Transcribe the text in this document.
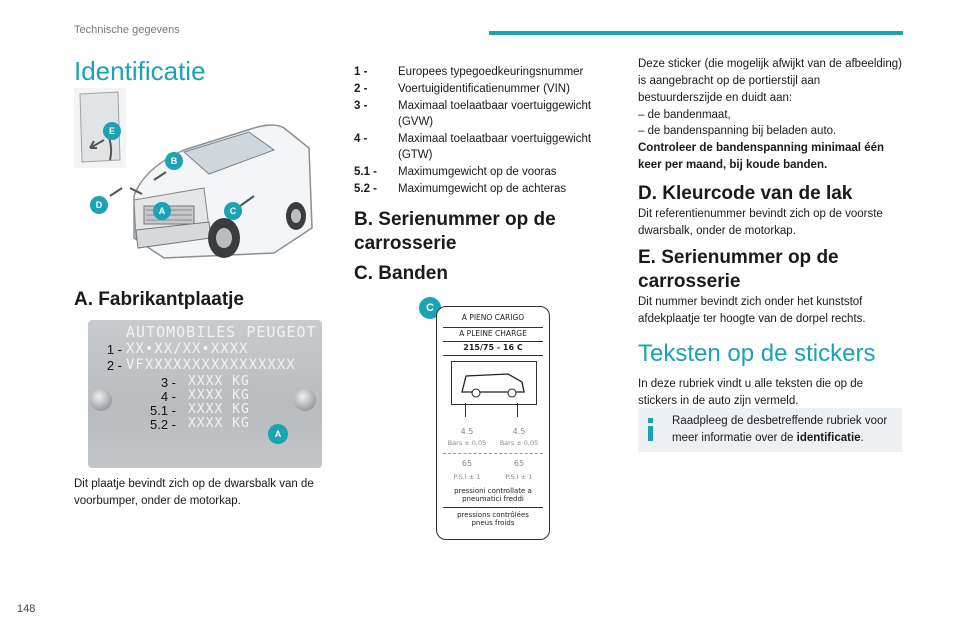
Technische gegevens
Identificatie
E
B
D
A	C
A. Fabrikantplaatje
AUTOMOBILES PEUGEOT
1 - XX•XX/XX•XXXX
2 - VFXXXXXXXXXXXXXXXX
3 - XXXX KG
4 - XXXX KG
5.1 - XXXX KG
5.2 - XXXX KG
A
Dit plaatje bevindt zich op de dwarsbalk van de voorbumper, onder de motorkap.
1 -	Europees typegoedkeuringsnummer
2 -	Voertuigidentificatienummer (VIN)
3 -	Maximaal toelaatbaar voertuiggewicht (GVW)
4 -	Maximaal toelaatbaar voertuiggewicht (GTW)
5.1 -	Maximumgewicht op de vooras
5.2 -	Maximumgewicht op de achteras
B. Serienummer op de carrosserie
C. Banden
C
A PIENO CARIGO
A PLEINE CHARGE
215/75 - 16 C
4.5	4.5
Bars ± 0,05	Bars ± 0,05
65	65
P.S.I ± 1	P.S.I ± 1
pressioni controllate a pneumatici freddi
pressions contrôlées pneus froids
Deze sticker (die mogelijk afwijkt van de afbeelding) is aangebracht op de portierstijl aan bestuurderszijde en duidt aan:
– de bandenmaat,
– de bandenspanning bij beladen auto.
Controleer de bandenspanning minimaal één keer per maand, bij koude banden.
D. Kleurcode van de lak
Dit referentienummer bevindt zich op de voorste dwarsbalk, onder de motorkap.
E. Serienummer op de carrosserie
Dit nummer bevindt zich onder het kunststof afdekplaatje ter hoogte van de dorpel rechts.
Teksten op de stickers
In deze rubriek vindt u alle teksten die op de stickers in de auto zijn vermeld.
Raadpleeg de desbetreffende rubriek voor meer informatie over de identificatie.
148
